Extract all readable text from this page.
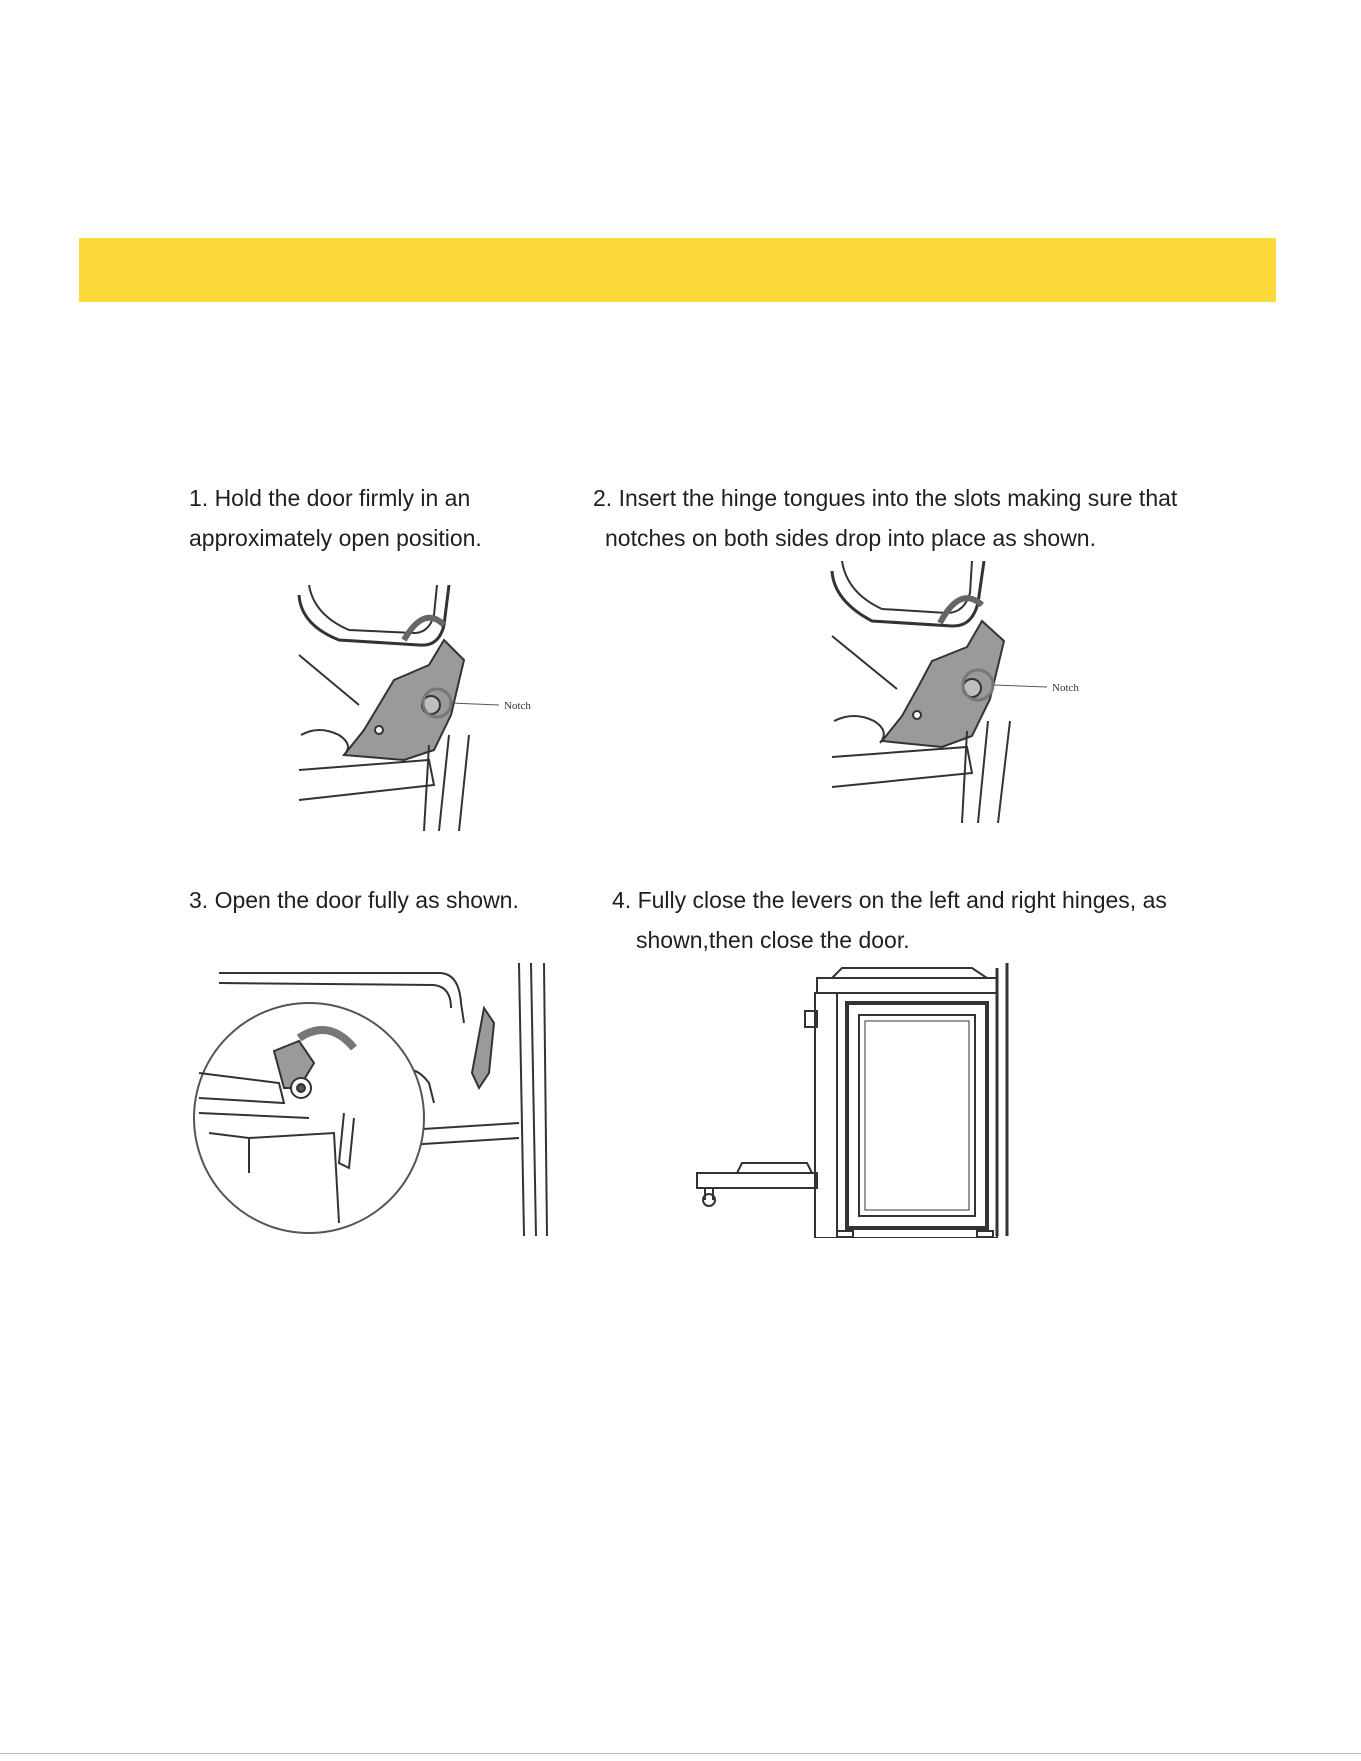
1. Hold the door firmly in an
approximately open position.
2. Insert the hinge tongues into the slots making sure that
notches on both sides drop into place as shown.
3. Open the door fully as shown.	4. Fully close the levers on the left and right hinges, as
shown,then close the door.
Notch
Notch
